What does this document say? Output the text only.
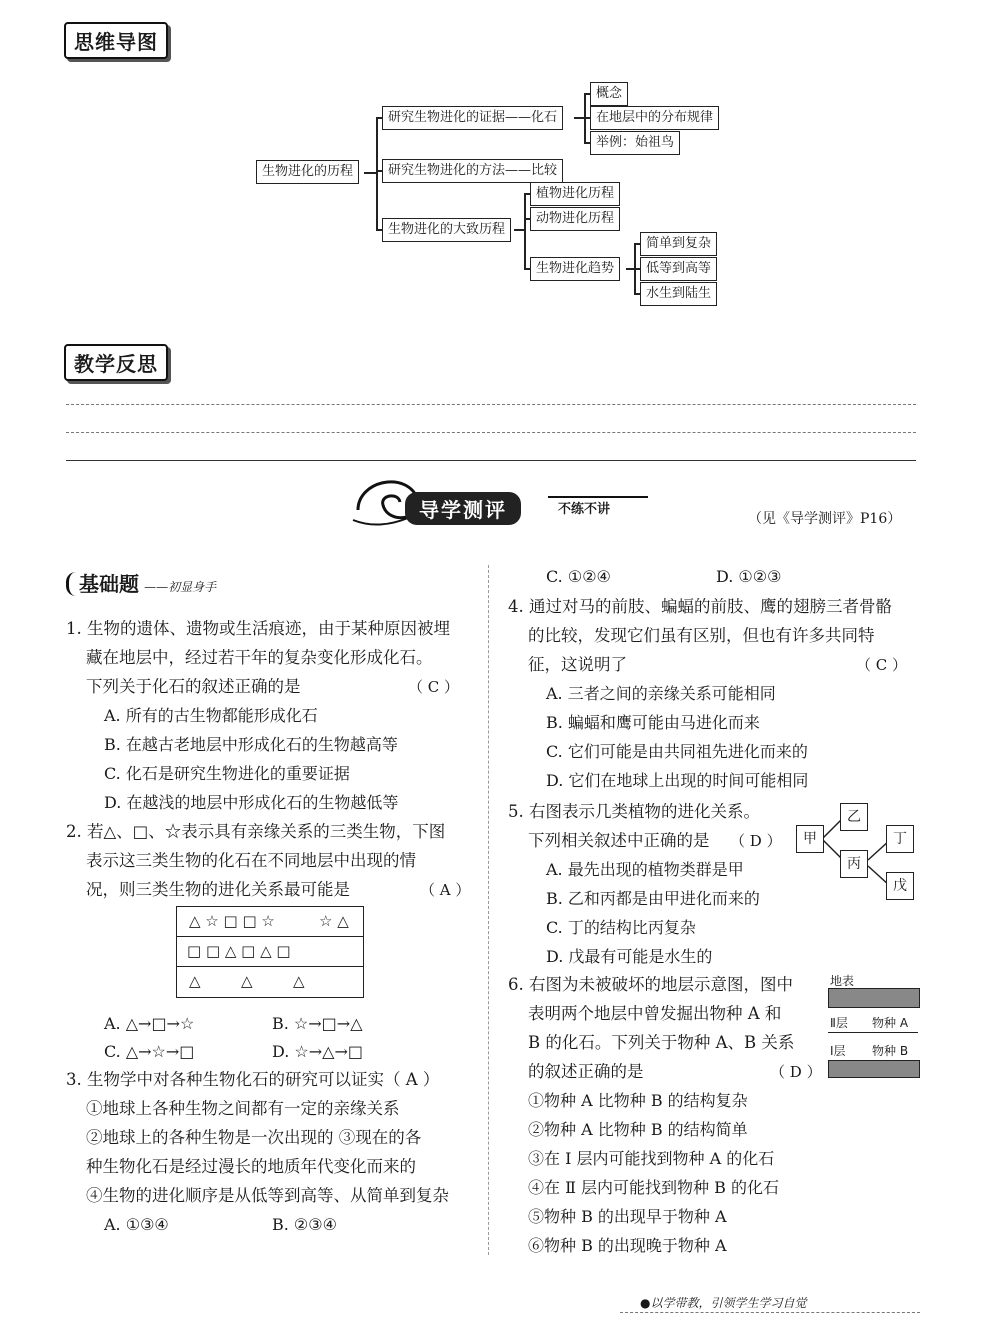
思维导图
生物进化的历程
研究生物进化的证据——化石
概念
在地层中的分布规律
举例：始祖鸟
研究生物进化的方法——比较
生物进化的大致历程
植物进化历程
动物进化历程
生物进化趋势
简单到复杂
低等到高等
水生到陆生
教学反思
导学测评	不练不讲
（见《导学测评》P16）
基础题 ——初显身手
1. 生物的遗体、遗物或生活痕迹，由于某种原因被埋
藏在地层中，经过若干年的复杂变化形成化石。
下列关于化石的叙述正确的是	（ C ）
A. 所有的古生物都能形成化石
B. 在越古老地层中形成化石的生物越高等
C. 化石是研究生物进化的重要证据
D. 在越浅的地层中形成化石的生物越低等
2. 若△、□、☆表示具有亲缘关系的三类生物，下图
表示这三类生物的化石在不同地层中出现的情
况，则三类生物的进化关系最可能是	（ A ）
△ ☆ □ □ ☆	☆ △
□ □ △ □ △ □
△	△	△
A. △→□→☆	B. ☆→□→△
C. △→☆→□	D. ☆→△→□
3. 生物学中对各种生物化石的研究可以证实（ A ）
①地球上各种生物之间都有一定的亲缘关系
②地球上的各种生物是一次出现的 ③现在的各
种生物化石是经过漫长的地质年代变化而来的
④生物的进化顺序是从低等到高等、从简单到复杂
A. ①③④	B. ②③④
C. ①②④	D. ①②③
4. 通过对马的前肢、蝙蝠的前肢、鹰的翅膀三者骨骼
的比较，发现它们虽有区别，但也有许多共同特
征，这说明了	（ C ）
A. 三者之间的亲缘关系可能相同
B. 蝙蝠和鹰可能由马进化而来
C. 它们可能是由共同祖先进化而来的
D. 它们在地球上出现的时间可能相同
5. 右图表示几类植物的进化关系。
下列相关叙述中正确的是 （ D ）
A. 最先出现的植物类群是甲
B. 乙和丙都是由甲进化而来的
C. 丁的结构比丙复杂
D. 戊最有可能是水生的
甲
乙
丙
丁
戊
6. 右图为未被破坏的地层示意图，图中
表明两个地层中曾发掘出物种 A 和
B 的化石。下列关于物种 A、B 关系
的叙述正确的是	（ D ）
①物种 A 比物种 B 的结构复杂
②物种 A 比物种 B 的结构简单
③在 Ⅰ 层内可能找到物种 A 的化石
④在 Ⅱ 层内可能找到物种 B 的化石
⑤物种 B 的出现早于物种 A
⑥物种 B 的出现晚于物种 A
地表
Ⅱ层 物种 A
Ⅰ层 物种 B
●以学带教，引领学生学习自觉
